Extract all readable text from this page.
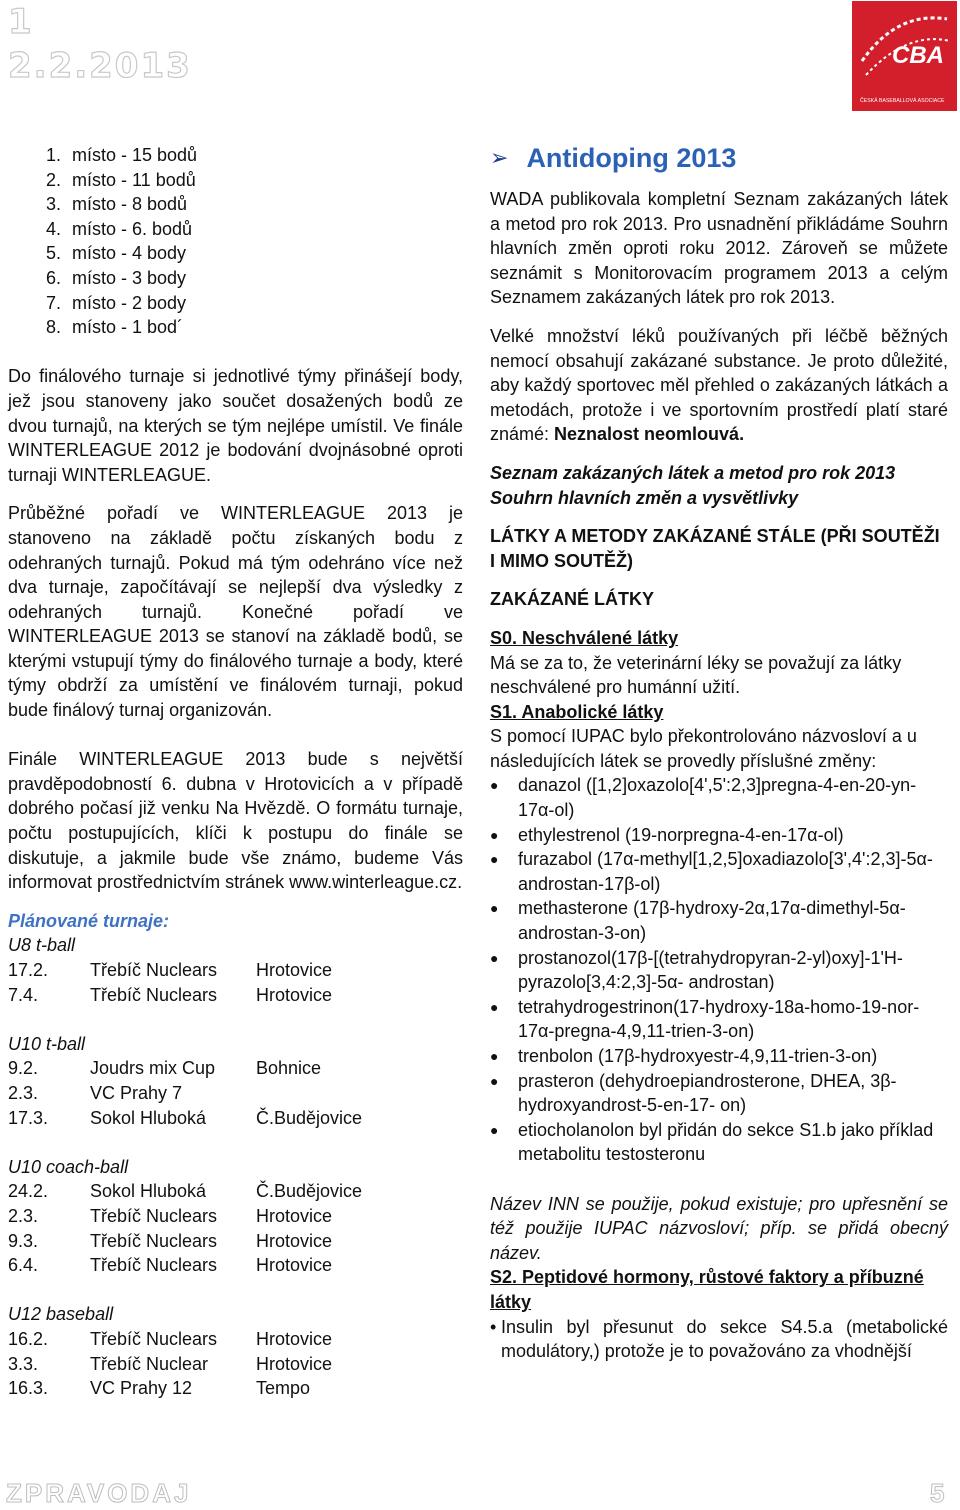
1
2.2.2013	CBA
ČESKÁ BASEBALLOVÁ ASOCIACE
1. místo - 15 bodů
2. místo - 11 bodů
3. místo - 8 bodů
4. místo - 6. bodů
5. místo - 4 body
6. místo - 3 body
7. místo - 2 body
8. místo - 1 bod´

Do finálového turnaje si jednotlivé týmy přinášejí body, jež jsou stanoveny jako součet dosažených bodů ze dvou turnajů, na kterých se tým nejlépe umístil. Ve finále WINTERLEAGUE 2012 je bodování dvojnásobné oproti turnaji WINTERLEAGUE.

Průběžné pořadí ve WINTERLEAGUE 2013 je stanoveno na základě počtu získaných bodu z odehraných turnajů. Pokud má tým odehráno více než dva turnaje, započítávají se nejlepší dva výsledky z odehraných turnajů. Konečné pořadí ve WINTERLEAGUE 2013 se stanoví na základě bodů, se kterými vstupují týmy do finálového turnaje a body, které týmy obdrží za umístění ve finálovém turnaji, pokud bude finálový turnaj organizován.

Finále WINTERLEAGUE 2013 bude s největší pravděpodobností 6. dubna v Hrotovicích a v případě dobrého počasí již venku Na Hvězdě. O formátu turnaje, počtu postupujících, klíči k postupu do finále se diskutuje, a jakmile bude vše známo, budeme Vás informovat prostřednictvím stránek www.winterleague.cz.

Plánované turnaje:
U8 t-ball
17.2.	Třebíč Nuclears	Hrotovice
7.4.	Třebíč Nuclears	Hrotovice
U10 t-ball
9.2.	Joudrs mix Cup	Bohnice
2.3.	VC Prahy 7
17.3.	Sokol Hluboká	Č.Budějovice
U10 coach-ball
24.2.	Sokol Hluboká	Č.Budějovice
2.3.	Třebíč Nuclears	Hrotovice
9.3.	Třebíč Nuclears	Hrotovice
6.4.	Třebíč Nuclears	Hrotovice
U12 baseball
16.2.	Třebíč Nuclears	Hrotovice
3.3.	Třebíč Nuclear	Hrotovice
16.3.	VC Prahy 12	Tempo
➢ Antidoping 2013

WADA publikovala kompletní Seznam zakázaných látek a metod pro rok 2013. Pro usnadnění přikládáme Souhrn hlavních změn oproti roku 2012. Zároveň se můžete seznámit s Monitorovacím programem 2013 a celým Seznamem zakázaných látek pro rok 2013.

Velké množství léků používaných při léčbě běžných nemocí obsahují zakázané substance. Je proto důležité, aby každý sportovec měl přehled o zakázaných látkách a metodách, protože i ve sportovním prostředí platí staré známé: Neznalost neomlouvá.

Seznam zakázaných látek a metod pro rok 2013
Souhrn hlavních změn a vysvětlivky
LÁTKY A METODY ZAKÁZANÉ STÁLE (PŘI SOUTĚŽI I MIMO SOUTĚŽ)
ZAKÁZANÉ LÁTKY
S0. Neschválené látky

Má se za to, že veterinární léky se považují za látky neschválené pro humánní užití.

S1. Anabolické látky

S pomocí IUPAC bylo překontrolováno názvosloví a u následujících látek se provedly příslušné změny:

● danazol ([1,2]oxazolo[4',5':2,3]pregna-4-en-20-yn-17α-ol)
● ethylestrenol (19-norpregna-4-en-17α-ol)
● furazabol (17α-methyl[1,2,5]oxadiazolo[3',4':2,3]-5α-androstan-17β-ol)
● methasterone (17β-hydroxy-2α,17α-dimethyl-5α-androstan-3-on)
● prostanozol(17β-[(tetrahydropyran-2-yl)oxy]-1'H-pyrazolo[3,4:2,3]-5α- androstan)
● tetrahydrogestrinon(17-hydroxy-18a-homo-19-nor-17α-pregna-4,9,11-trien-3-on)
● trenbolon (17β-hydroxyestr-4,9,11-trien-3-on)
● prasteron (dehydroepiandrosterone, DHEA, 3β-hydroxyandrost-5-en-17- on)
● etiocholanolon byl přidán do sekce S1.b jako příklad metabolitu testosteronu

Název INN se použije, pokud existuje; pro upřesnění se též použije IUPAC názvosloví; příp. se přidá obecný název.

S2. Peptidové hormony, růstové faktory a příbuzné látky
• Insulin byl přesunut do sekce S4.5.a (metabolické modulátory,) protože je to považováno za vhodnější

ZPRAVODAJ	5
